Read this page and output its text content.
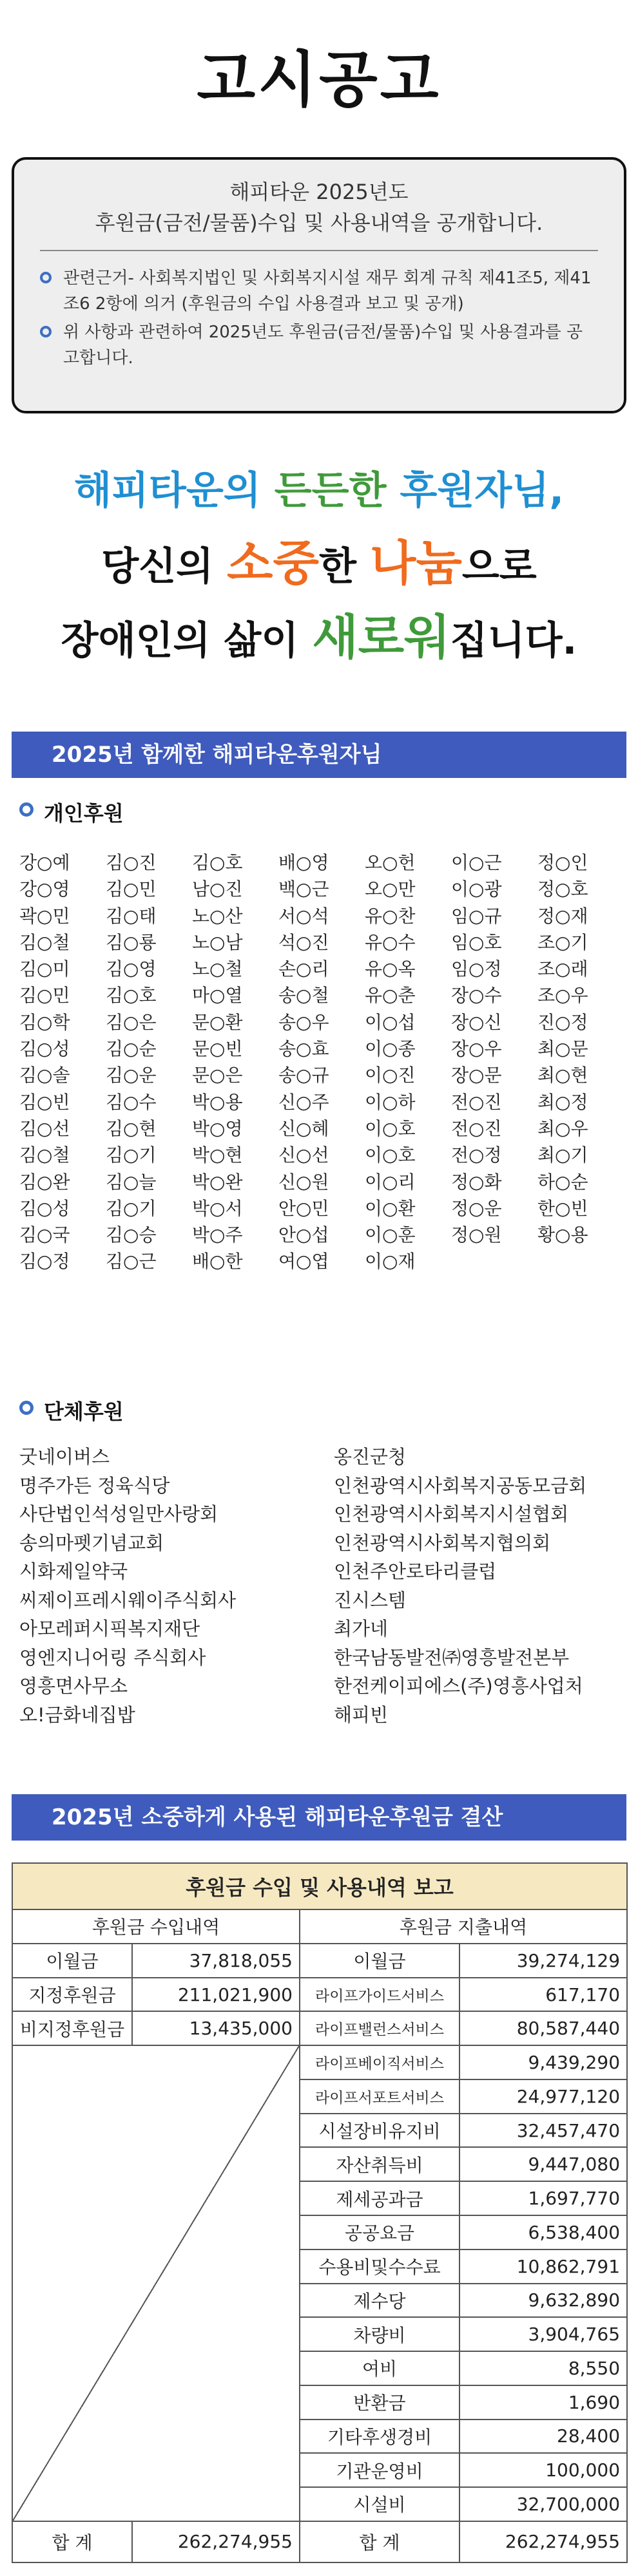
고시공고
해피타운 2025년도
후원금(금전/물품)수입 및 사용내역을 공개합니다.
관련근거- 사회복지법인 및 사회복지시설 재무 회계 규칙 제41조5, 제41조6 2항에 의거 (후원금의 수입 사용결과 보고 및 공개)
위 사항과 관련하여 2025년도 후원금(금전/물품)수입 및 사용결과를 공고합니다.
해피타운의 든든한 후원자님,
당신의 소중한 나눔으로
장애인의 삶이 새로워집니다.
2025년 함께한 해피타운후원자님
개인후원
강○예	김○진	김○호	배○영	오○헌	이○근	정○인
강○영	김○민	남○진	백○근	오○만	이○광	정○호
곽○민	김○태	노○산	서○석	유○찬	임○규	정○재
김○철	김○룡	노○남	석○진	유○수	임○호	조○기
김○미	김○영	노○철	손○리	유○옥	임○정	조○래
김○민	김○호	마○열	송○철	유○춘	장○수	조○우
김○학	김○은	문○환	송○우	이○섭	장○신	진○정
김○성	김○순	문○빈	송○효	이○종	장○우	최○문
김○솔	김○운	문○은	송○규	이○진	장○문	최○현
김○빈	김○수	박○용	신○주	이○하	전○진	최○정
김○선	김○현	박○영	신○혜	이○호	전○진	최○우
김○철	김○기	박○현	신○선	이○호	전○정	최○기
김○완	김○늘	박○완	신○원	이○리	정○화	하○순
김○성	김○기	박○서	안○민	이○환	정○운	한○빈
김○국	김○승	박○주	안○섭	이○훈	정○원	황○용
김○정	김○근	배○한	여○엽	이○재
단체후원
굿네이버스	옹진군청
명주가든 정육식당	인천광역시사회복지공동모금회
사단법인석성일만사랑회	인천광역시사회복지시설협회
송의마펫기념교회	인천광역시사회복지협의회
시화제일약국	인천주안로타리클럽
씨제이프레시웨이주식회사	진시스템
아모레퍼시픽복지재단	최가네
영엔지니어링 주식회사	한국남동발전㈜영흥발전본부
영흥면사무소	한전케이피에스(주)영흥사업처
오!금화네집밥	해피빈
2025년 소중하게 사용된 해피타운후원금 결산
후원금 수입 및 사용내역 보고			
후원금 수입내역		후원금 지출내역	
이월금	37,818,055	이월금	39,274,129
지정후원금	211,021,900	라이프가이드서비스	617,170
비지정후원금	13,435,000	라이프밸런스서비스	80,587,440
		라이프베이직서비스	9,439,290
		라이프서포트서비스	24,977,120
		시설장비유지비	32,457,470
		자산취득비	9,447,080
		제세공과금	1,697,770
		공공요금	6,538,400
		수용비및수수료	10,862,791
		제수당	9,632,890
		차량비	3,904,765
		여비	8,550
		반환금	1,690
		기타후생경비	28,400
		기관운영비	100,000
		시설비	32,700,000
합 계	262,274,955	합 계	262,274,955
